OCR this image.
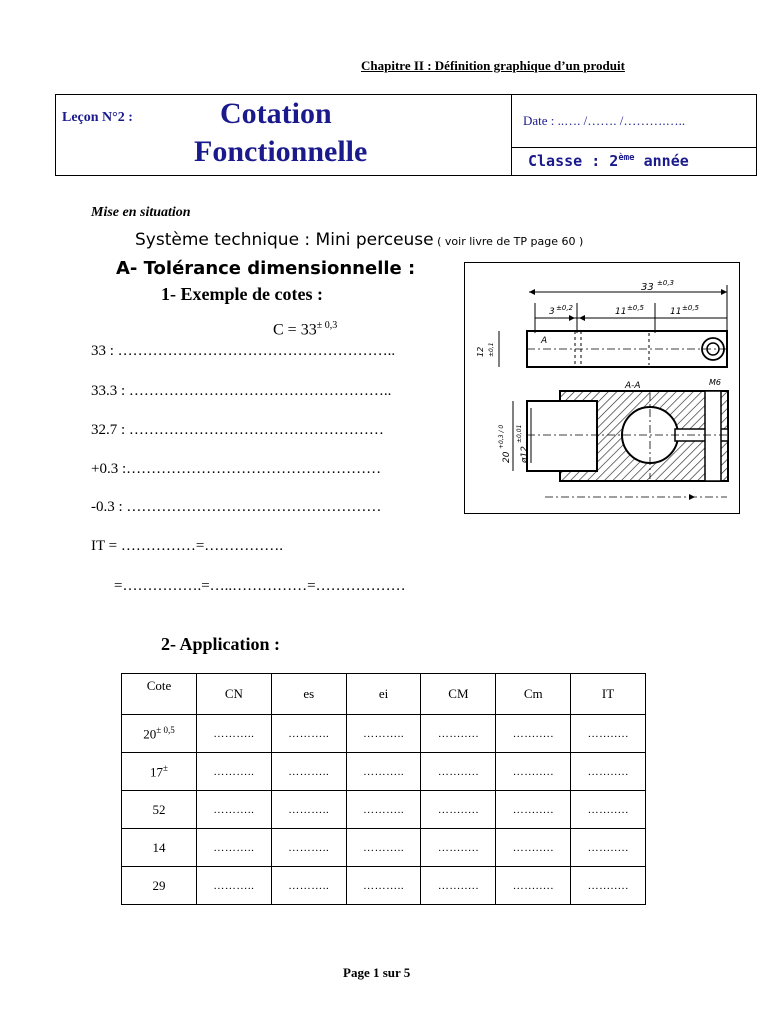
Chapitre II : Définition graphique d’un produit
Leçon N°2 :	Cotation
Fonctionnelle
Date : ..…. /……. /……….…..
Classe : 2ème année
Mise en situation
Système technique : Mini perceuse ( voir livre de TP page 60 )
A- Tolérance dimensionnelle :
1- Exemple de cotes :
$C = 33^{\pm 0,3}$
33 : ………………………………………………..
33.3 : ……………………………………………..
32.7 : ……………………………………………
+0.3 :……………………………………………
-0.3 : ……………………………………………
IT = ……………=…………….
=…………….=…..……………=………………
33 ±0,3
3 ±0,2	11 ±0,5	11 ±0,5
A
12 ±0,1
A-A	M6
20
+0,3 / 0
ø12
±0,01
2- Application :
Cote	CN	es	ei	CM	Cm	IT
$20^{\pm 0,5}$	………..	………..	………..	…….….	…….….	…….….
17±	………..	………..	………..	…….….	…….….	…….….
52	………..	………..	………..	…….….	…….….	…….….
14	………..	………..	………..	…….….	…….….	…….….
29	………..	………..	………..	…….….	…….….	…….….
Page 1 sur 5
